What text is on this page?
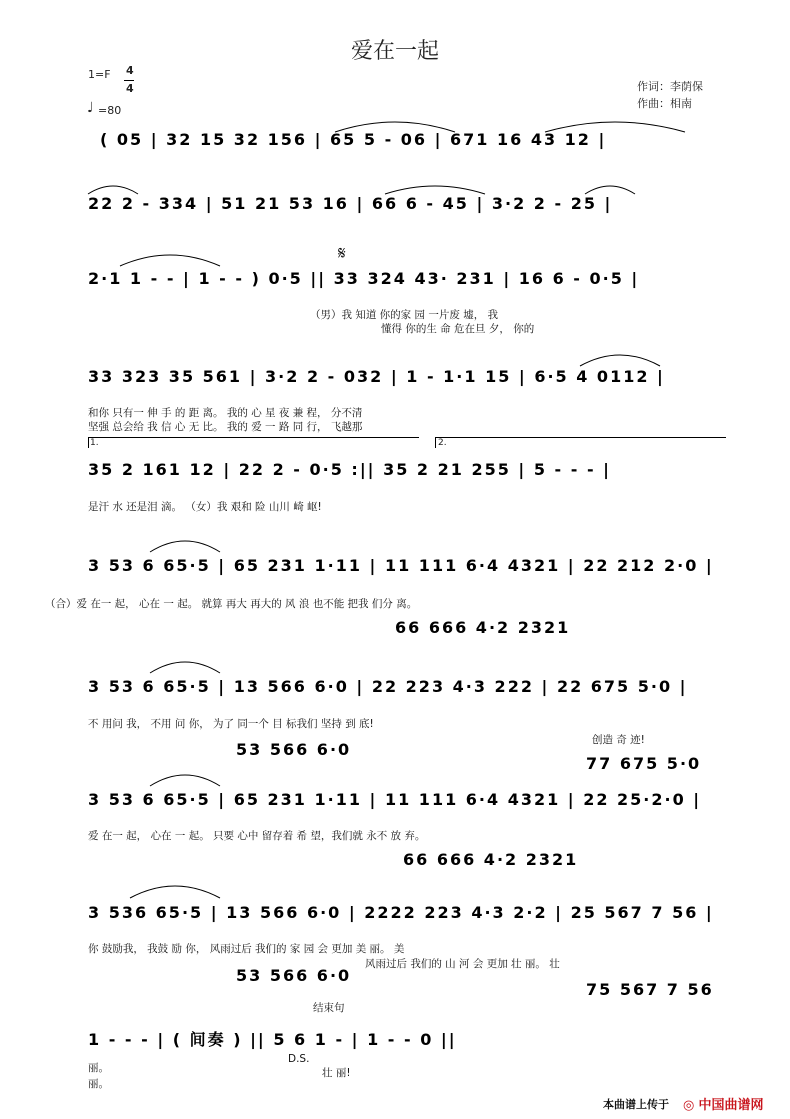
爱在一起
1=F 4
4
♩ =80
作词：李荫保
作曲：相南
( 05 | 32 15 32 156 | 65 5 - 06 | 671 16 43 12 |
22 2 - 334 | 51 21 53 16 | 66 6 - 45 | 3·2 2 - 25 |
2·1 1 - - | 1 - - ) 0·5 || 33 324 43· 231 | 16 6 - 0·5 |
𝄋
（男）我 知道 你的家 园 一片废 墟， 我
懂得 你的生 命 危在旦 夕， 你的
33 323 35 561 | 3·2 2 - 032 | 1 - 1·1 15 | 6·5 4 0112 |
和你 只有一 伸 手 的 距 离。 我的 心 星 夜 兼 程， 分不清
坚强 总会给 我 信 心 无 比。 我的 爱 一 路 同 行， 飞越那
1.	2.
35 2 161 12 | 22 2 - 0·5 :|| 35 2 21 255 | 5 - - - |
是汗 水 还是泪 滴。 （女）我 艰和 险 山川 崎 岖!
3 53 6 65·5 | 65 231 1·11 | 11 111 6·4 4321 | 22 212 2·0 |
（合）爱 在一 起， 心在 一 起。 就算 再大 再大的 风 浪 也不能 把我 们分 离。
66 666 4·2 2321
3 53 6 65·5 | 13 566 6·0 | 22 223 4·3 222 | 22 675 5·0 |
不 用问 我， 不用 问 你， 为了 同一个 目 标我们 坚持 到 底!
创造 奇 迹!
53 566 6·0
77 675 5·0
3 53 6 65·5 | 65 231 1·11 | 11 111 6·4 4321 | 22 25·2·0 |
爱 在一 起， 心在 一 起。 只要 心中 留存着 希 望，我们就 永不 放 弃。
66 666 4·2 2321
3 536 65·5 | 13 566 6·0 | 2222 223 4·3 2·2 | 25 567 7 56 |
你 鼓励我， 我鼓 励 你， 风雨过后 我们的 家 园 会 更加 美 丽。 美
风雨过后 我们的 山 河 会 更加 壮 丽。 壮
53 566 6·0
75 567 7 56
结束句
1 - - - | ( 间奏 ) || 5 6 1 - | 1 - - 0 ||
D.S.
丽。
丽。
壮 丽!
本曲谱上传于 ◎ 中国曲谱网
